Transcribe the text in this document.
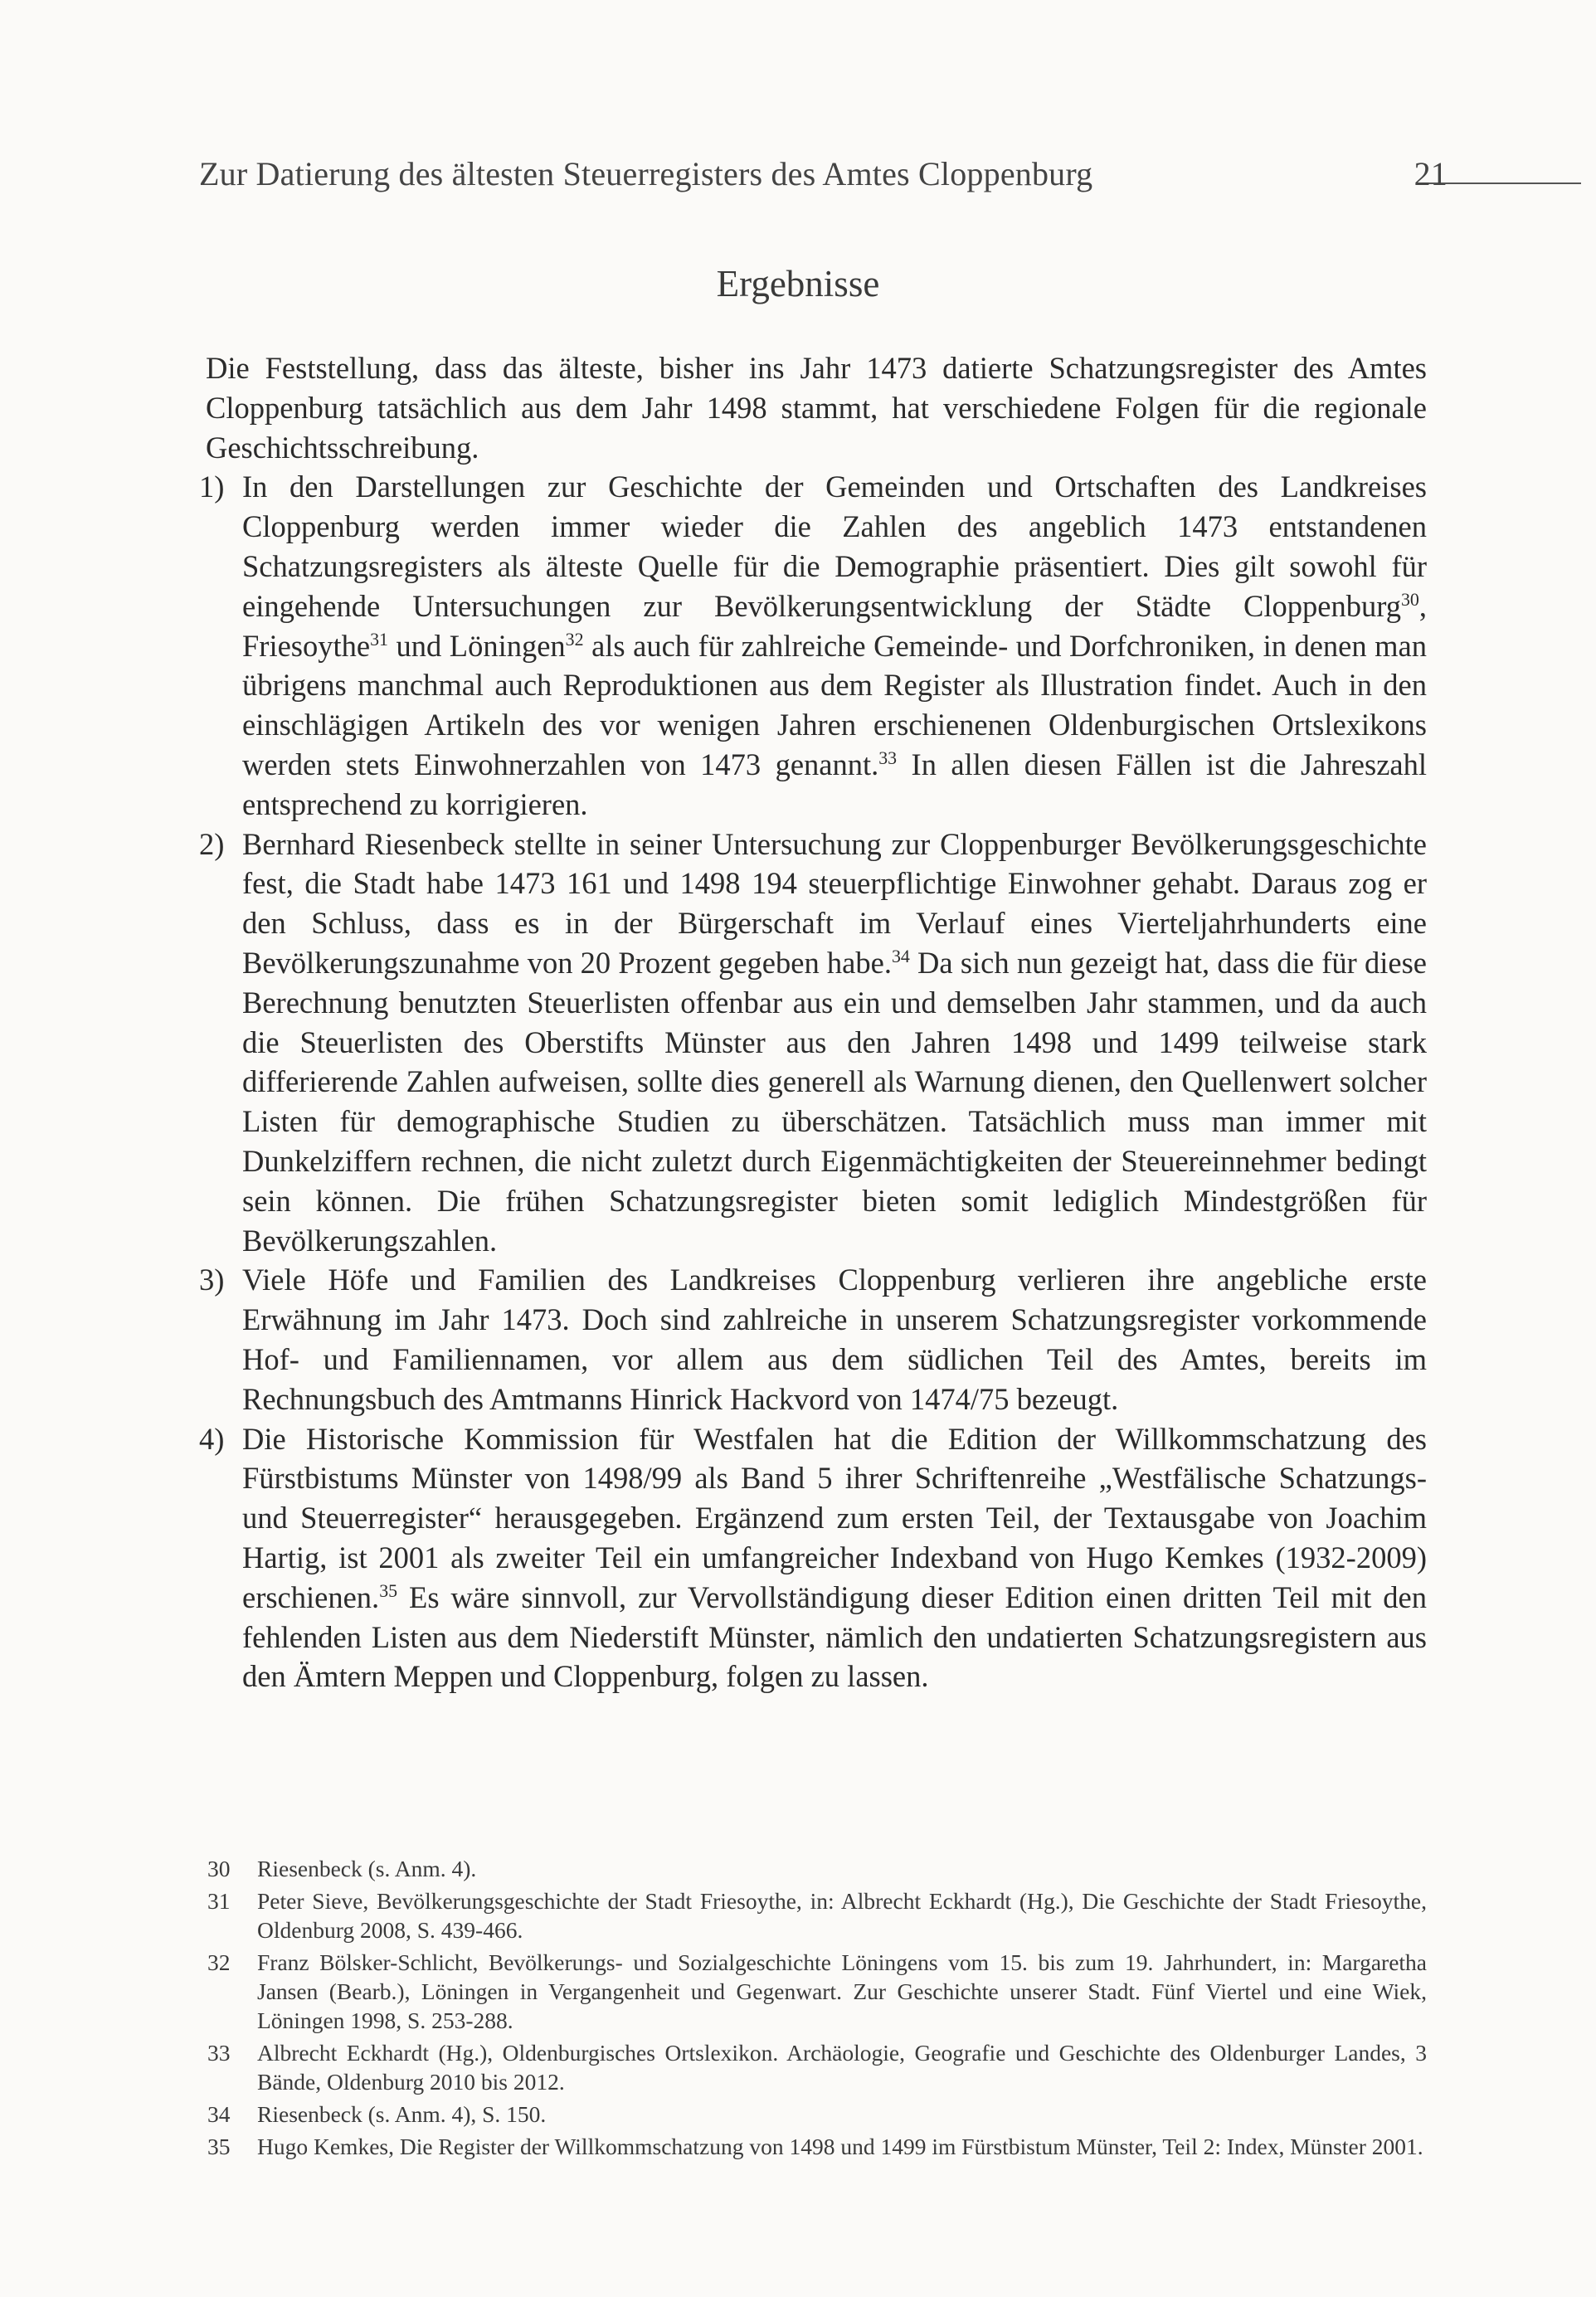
Zur Datierung des ältesten Steuerregisters des Amtes Cloppenburg	21
Ergebnisse

Die Feststellung, dass das älteste, bisher ins Jahr 1473 datierte Schatzungsregister des Amtes Cloppenburg tatsächlich aus dem Jahr 1498 stammt, hat verschiedene Folgen für die regionale Geschichtsschreibung.

1) In den Darstellungen zur Geschichte der Gemeinden und Ortschaften des Landkreises Cloppenburg werden immer wieder die Zahlen des angeblich 1473 entstandenen Schatzungsregisters als älteste Quelle für die Demographie präsentiert. Dies gilt sowohl für eingehende Untersuchungen zur Bevölkerungsentwicklung der Städte Cloppenburg$^{30}$, Friesoythe$^{31}$ und Löningen$^{32}$ als auch für zahlreiche Gemeinde- und Dorfchroniken, in denen man übrigens manchmal auch Reproduktionen aus dem Register als Illustration findet. Auch in den einschlägigen Artikeln des vor wenigen Jahren erschienenen Oldenburgischen Ortslexikons werden stets Einwohnerzahlen von 1473 genannt.$^{33}$ In allen diesen Fällen ist die Jahreszahl entsprechend zu korrigieren.
2) Bernhard Riesenbeck stellte in seiner Untersuchung zur Cloppenburger Bevölkerungsgeschichte fest, die Stadt habe 1473 161 und 1498 194 steuerpflichtige Einwohner gehabt. Daraus zog er den Schluss, dass es in der Bürgerschaft im Verlauf eines Vierteljahrhunderts eine Bevölkerungszunahme von 20 Prozent gegeben habe.$^{34}$ Da sich nun gezeigt hat, dass die für diese Berechnung benutzten Steuerlisten offenbar aus ein und demselben Jahr stammen, und da auch die Steuerlisten des Oberstifts Münster aus den Jahren 1498 und 1499 teilweise stark differierende Zahlen aufweisen, sollte dies generell als Warnung dienen, den Quellenwert solcher Listen für demographische Studien zu überschätzen. Tatsächlich muss man immer mit Dunkelziffern rechnen, die nicht zuletzt durch Eigenmächtigkeiten der Steuereinnehmer bedingt sein können. Die frühen Schatzungsregister bieten somit lediglich Mindestgrößen für Bevölkerungszahlen.
3) Viele Höfe und Familien des Landkreises Cloppenburg verlieren ihre angebliche erste Erwähnung im Jahr 1473. Doch sind zahlreiche in unserem Schatzungsregister vorkommende Hof- und Familiennamen, vor allem aus dem südlichen Teil des Amtes, bereits im Rechnungsbuch des Amtmanns Hinrick Hackvord von 1474/75 bezeugt.
4) Die Historische Kommission für Westfalen hat die Edition der Willkommschatzung des Fürstbistums Münster von 1498/99 als Band 5 ihrer Schriftenreihe „Westfälische Schatzungs- und Steuerregister“ herausgegeben. Ergänzend zum ersten Teil, der Textausgabe von Joachim Hartig, ist 2001 als zweiter Teil ein umfangreicher Indexband von Hugo Kemkes (1932-2009) erschienen.$^{35}$ Es wäre sinnvoll, zur Vervollständigung dieser Edition einen dritten Teil mit den fehlenden Listen aus dem Niederstift Münster, nämlich den undatierten Schatzungsregistern aus den Ämtern Meppen und Cloppenburg, folgen zu lassen.
30 Riesenbeck (s. Anm. 4).
31 Peter Sieve, Bevölkerungsgeschichte der Stadt Friesoythe, in: Albrecht Eckhardt (Hg.), Die Geschichte der Stadt Friesoythe, Oldenburg 2008, S. 439-466.
32 Franz Bölsker-Schlicht, Bevölkerungs- und Sozialgeschichte Löningens vom 15. bis zum 19. Jahrhundert, in: Margaretha Jansen (Bearb.), Löningen in Vergangenheit und Gegenwart. Zur Geschichte unserer Stadt. Fünf Viertel und eine Wiek, Löningen 1998, S. 253-288.
33 Albrecht Eckhardt (Hg.), Oldenburgisches Ortslexikon. Archäologie, Geografie und Geschichte des Oldenburger Landes, 3 Bände, Oldenburg 2010 bis 2012.
34 Riesenbeck (s. Anm. 4), S. 150.
35 Hugo Kemkes, Die Register der Willkommschatzung von 1498 und 1499 im Fürstbistum Münster, Teil 2: Index, Münster 2001.
